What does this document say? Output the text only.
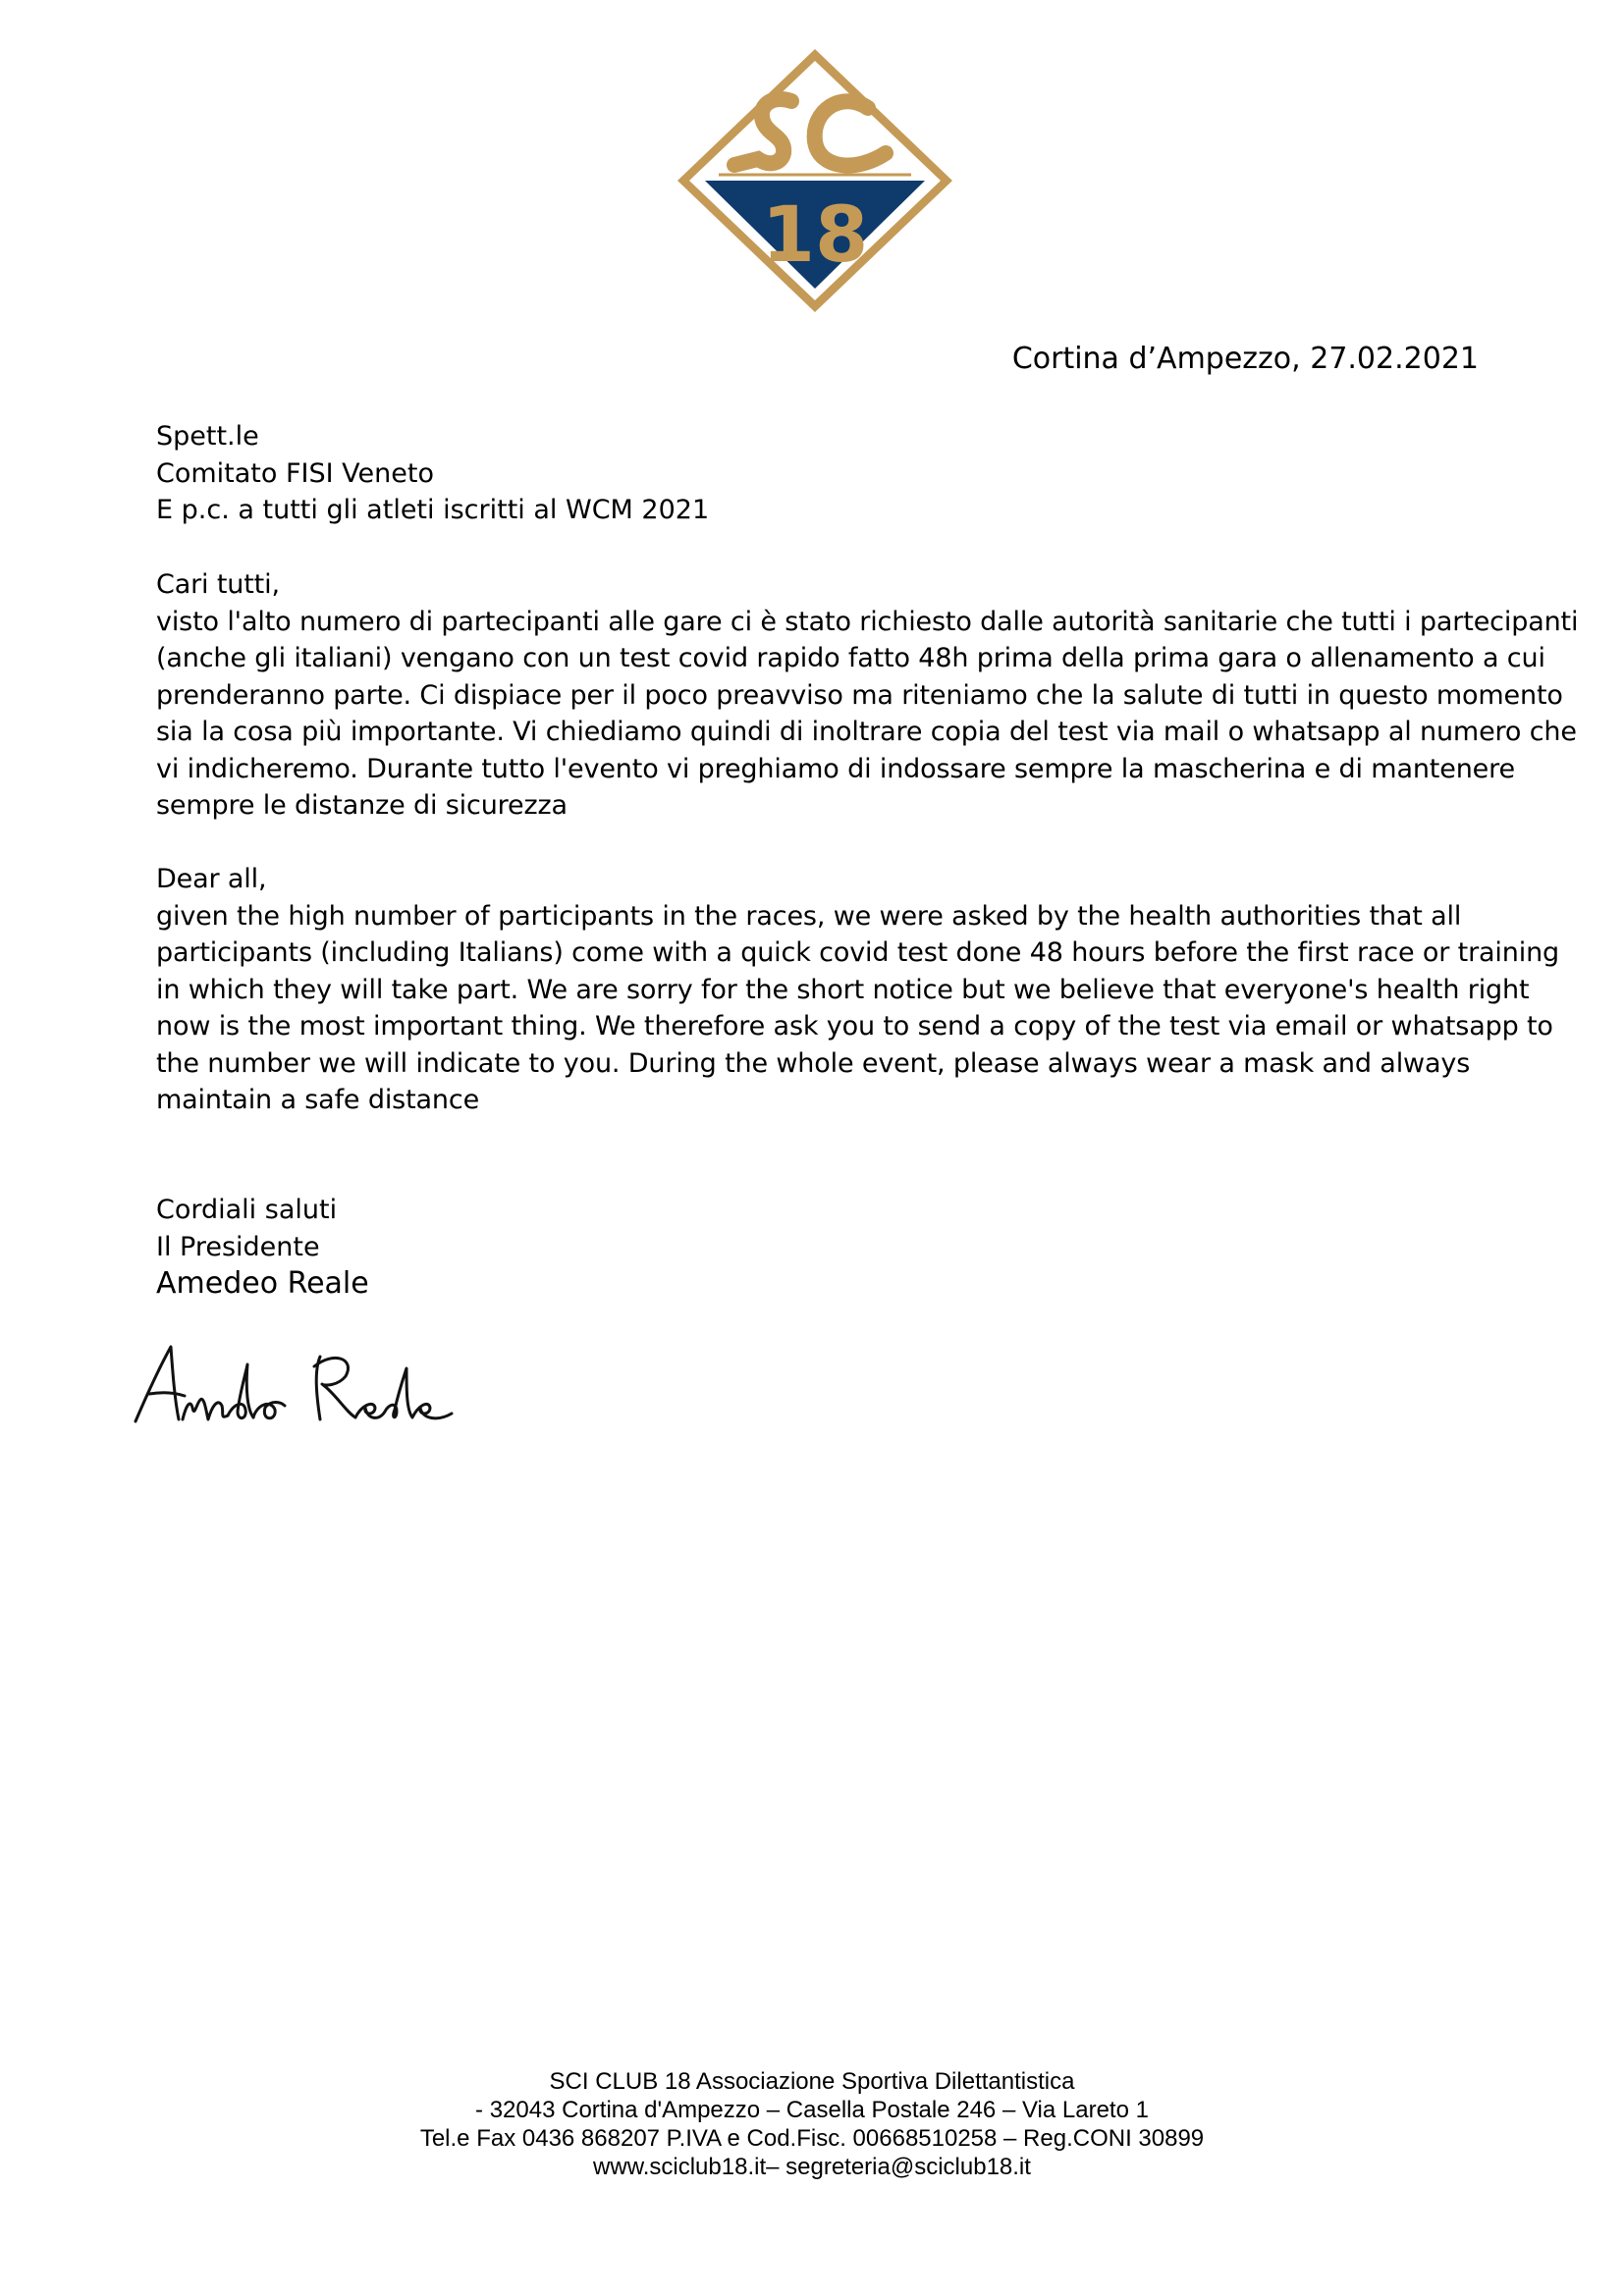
18
Cortina d’Ampezzo, 27.02.2021
Spett.le
Comitato FISI Veneto
E p.c. a tutti gli atleti iscritti al WCM 2021
Cari tutti,
visto l'alto numero di partecipanti alle gare ci è stato richiesto dalle autorità sanitarie che tutti i partecipanti
(anche gli italiani) vengano con un test covid rapido fatto 48h prima della prima gara o allenamento a cui
prenderanno parte. Ci dispiace per il poco preavviso ma riteniamo che la salute di tutti in questo momento
sia la cosa più importante. Vi chiediamo quindi di inoltrare copia del test via mail o whatsapp al numero che
vi indicheremo. Durante tutto l'evento vi preghiamo di indossare sempre la mascherina e di mantenere
sempre le distanze di sicurezza
Dear all,
given the high number of participants in the races, we were asked by the health authorities that all
participants (including Italians) come with a quick covid test done 48 hours before the first race or training
in which they will take part. We are sorry for the short notice but we believe that everyone's health right
now is the most important thing. We therefore ask you to send a copy of the test via email or whatsapp to
the number we will indicate to you. During the whole event, please always wear a mask and always
maintain a safe distance
Cordiali saluti
Il Presidente
Amedeo Reale
SCI CLUB 18 Associazione Sportiva Dilettantistica
- 32043 Cortina d'Ampezzo – Casella Postale 246 – Via Lareto 1
Tel.e Fax 0436 868207 P.IVA e Cod.Fisc. 00668510258 – Reg.CONI 30899
www.sciclub18.it– segreteria@sciclub18.it
